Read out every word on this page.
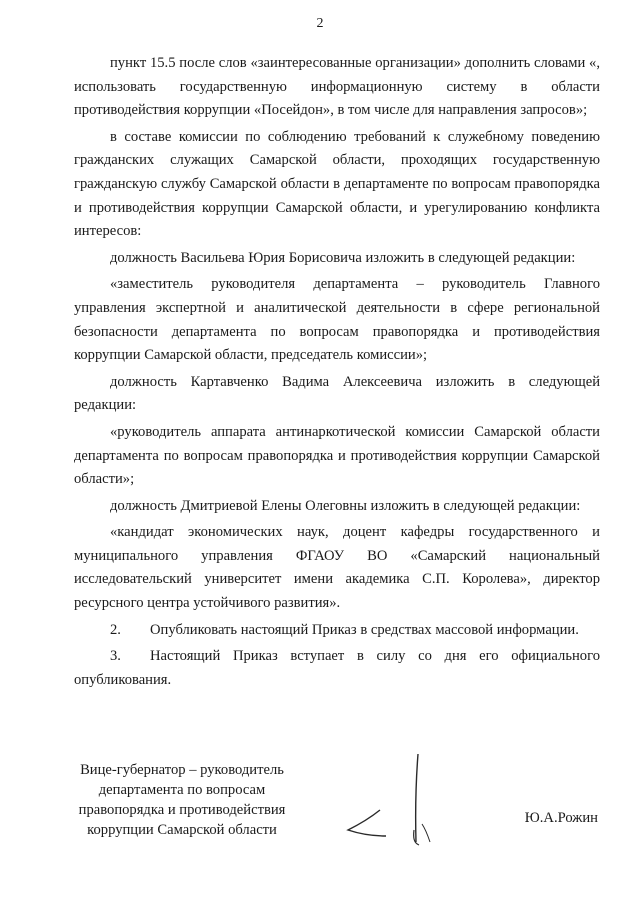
2

пункт 15.5 после слов «заинтересованные организации» дополнить словами «, использовать государственную информационную систему в области противодействия коррупции «Посейдон», в том числе для направления запросов»;

в составе комиссии по соблюдению требований к служебному поведению гражданских служащих Самарской области, проходящих государственную гражданскую службу Самарской области в департаменте по вопросам правопорядка и противодействия коррупции Самарской области, и урегулированию конфликта интересов:

должность Васильева Юрия Борисовича изложить в следующей редакции:

«заместитель руководителя департамента – руководитель Главного управления экспертной и аналитической деятельности в сфере региональной безопасности департамента по вопросам правопорядка и противодействия коррупции Самарской области, председатель комиссии»;

должность Картавченко Вадима Алексеевича изложить в следующей редакции:

«руководитель аппарата антинаркотической комиссии Самарской области департамента по вопросам правопорядка и противодействия коррупции Самарской области»;

должность Дмитриевой Елены Олеговны изложить в следующей редакции:

«кандидат экономических наук, доцент кафедры государственного и муниципального управления ФГАОУ ВО «Самарский национальный исследовательский университет имени академика С.П. Королева», директор ресурсного центра устойчивого развития».

2. Опубликовать настоящий Приказ в средствах массовой информации.

3. Настоящий Приказ вступает в силу со дня его официального опубликования.

Вице-губернатор – руководитель
департамента по вопросам
правопорядка и противодействия
коррупции Самарской области
Ю.А.Рожин
